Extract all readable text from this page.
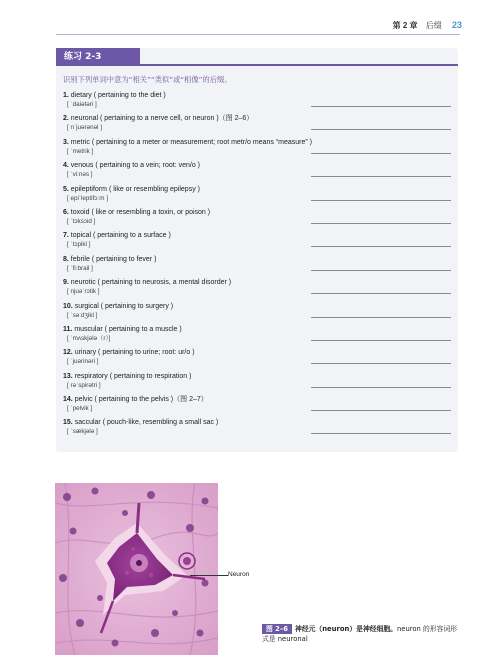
第 2 章 后缀 23
练习 2-3
识别下列单词中意为“相关”“类似”或“相像”的后缀。
1. dietary ( pertaining to the diet )
[ ˈdaiətəri ]
2. neuronal ( pertaining to a nerve cell, or neuron )（图 2–6）
[ nˈjuərənəl ]
3. metric ( pertaining to a meter or measurement; root metr/o means “measure” )
[ ˈmetrik ]
4. venous ( pertaining to a vein; root: ven/o )
[ ˈviːnəs ]
5. epileptiform ( like or resembling epilepsy )
[ epiˈleptifɔːm ]
6. toxoid ( like or resembling a toxin, or poison )
[ ˈtɔksɔid ]
7. topical ( pertaining to a surface )
[ ˈtɔpikl ]
8. febrile ( pertaining to fever )
[ ˈfiːbrail ]
9. neurotic ( pertaining to neurosis, a mental disorder )
[ njuəˈrɔtik ]
10. surgical ( pertaining to surgery )
[ ˈsəːdʒikl ]
11. muscular ( pertaining to a muscle )
[ ˈmʌskjələ（r）]
12. urinary ( pertaining to urine; root: ur/o )
[ ˈjuərinəri ]
13. respiratory ( pertaining to respiration )
[ rəˈspirətri ]
14. pelvic ( pertaining to the pelvis )（图 2–7）
[ ˈpelvik ]
15. saccular ( pouch-like, resembling a small sac )
[ ˈsækjələ ]
Neuron
图 2–6 神经元（neuron）是神经细胞。neuron 的形容词形式是 neuronal
